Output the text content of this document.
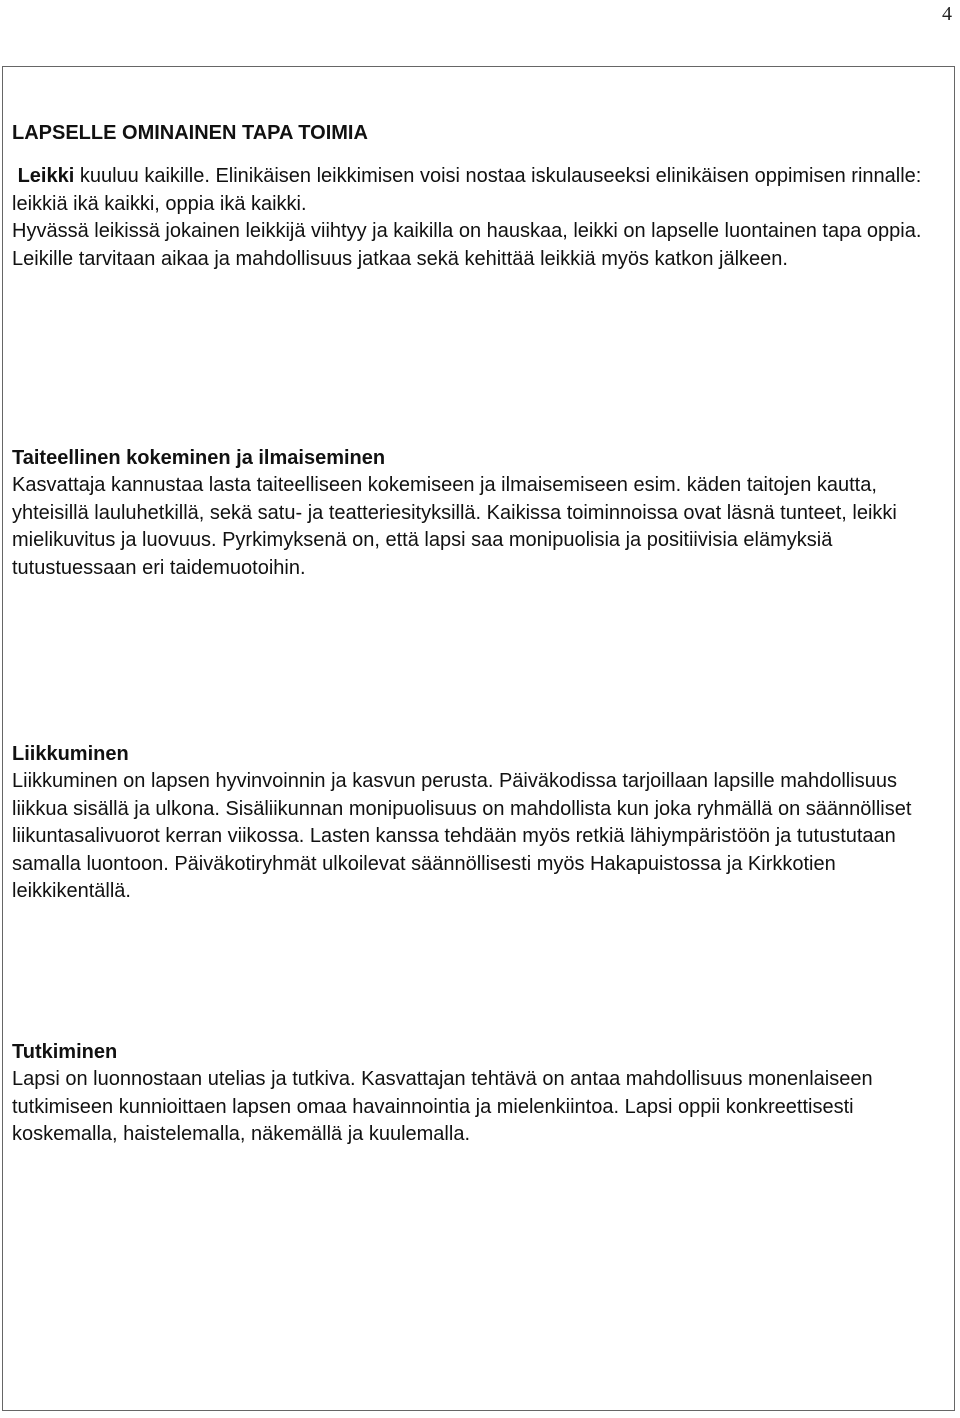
4
LAPSELLE OMINAINEN TAPA TOIMIA

Leikki kuuluu kaikille. Elinikäisen leikkimisen voisi nostaa iskulauseeksi elinikäisen oppimisen rinnalle: leikkiä ikä kaikki, oppia ikä kaikki.
Hyvässä leikissä jokainen leikkijä viihtyy ja kaikilla on hauskaa, leikki on lapselle luontainen tapa oppia. Leikille tarvitaan aikaa ja mahdollisuus jatkaa sekä kehittää leikkiä myös katkon jälkeen.

Taiteellinen kokeminen ja ilmaiseminen

Kasvattaja kannustaa lasta taiteelliseen kokemiseen ja ilmaisemiseen esim. käden taitojen kautta, yhteisillä lauluhetkillä, sekä satu- ja teatteriesityksillä. Kaikissa toiminnoissa ovat läsnä tunteet, leikki mielikuvitus ja luovuus. Pyrkimyksenä on, että lapsi saa monipuolisia ja positiivisia elämyksiä tutustuessaan eri taidemuotoihin.

Liikkuminen

Liikkuminen on lapsen hyvinvoinnin ja kasvun perusta. Päiväkodissa tarjoillaan lapsille mahdollisuus liikkua sisällä ja ulkona. Sisäliikunnan monipuolisuus on mahdollista kun joka ryhmällä on säännölliset liikuntasalivuorot kerran viikossa. Lasten kanssa tehdään myös retkiä lähiympäristöön ja tutustutaan samalla luontoon. Päiväkotiryhmät ulkoilevat säännöllisesti myös Hakapuistossa ja Kirkkotien leikkikentällä.

Tutkiminen

Lapsi on luonnostaan utelias ja tutkiva. Kasvattajan tehtävä on antaa mahdollisuus monenlaiseen tutkimiseen kunnioittaen lapsen omaa havainnointia ja mielenkiintoa. Lapsi oppii konkreettisesti koskemalla, haistelemalla, näkemällä ja kuulemalla.
